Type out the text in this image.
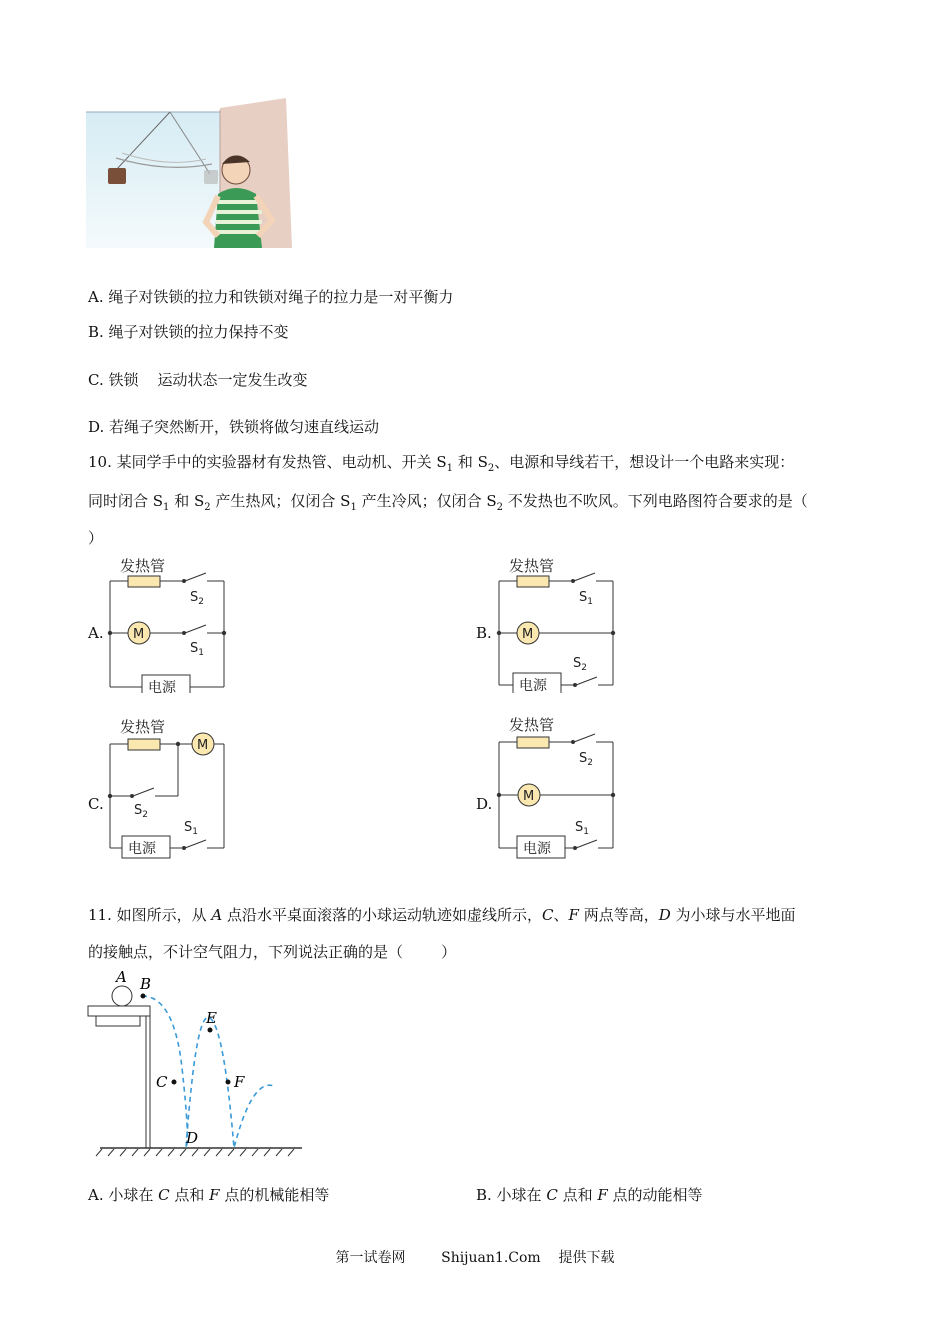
A. 绳子对铁锁的拉力和铁锁对绳子的拉力是一对平衡力
B. 绳子对铁锁的拉力保持不变
C. 铁锁    运动状态一定发生改变
D. 若绳子突然断开，铁锁将做匀速直线运动
10. 某同学手中的实验器材有发热管、电动机、开关 $S_1$ 和 $S_2$、电源和导线若干，想设计一个电路来实现：
同时闭合 $S_1$ 和 $S_2$ 产生热风；仅闭合 $S_1$ 产生冷风；仅闭合 $S_2$ 不发热也不吹风。下列电路图符合要求的是（
）
A.	B.
C.	D.
发热管
$S_2$
M
$S_1$
电源
发热管
$S_1$
M
电源
$S_2$
发热管
M
$S_2$
电源
$S_1$
发热管
$S_2$
M
电源
$S_1$
11. 如图所示，从 A 点沿水平桌面滚落的小球运动轨迹如虚线所示，C、F 两点等高，D 为小球与水平地面
的接触点，不计空气阻力，下列说法正确的是（        ）
A B
C
D
E
F
A. 小球在 C 点和 F 点的机械能相等	B. 小球在 C 点和 F 点的动能相等
第一试卷网        Shijuan1.Com    提供下载
